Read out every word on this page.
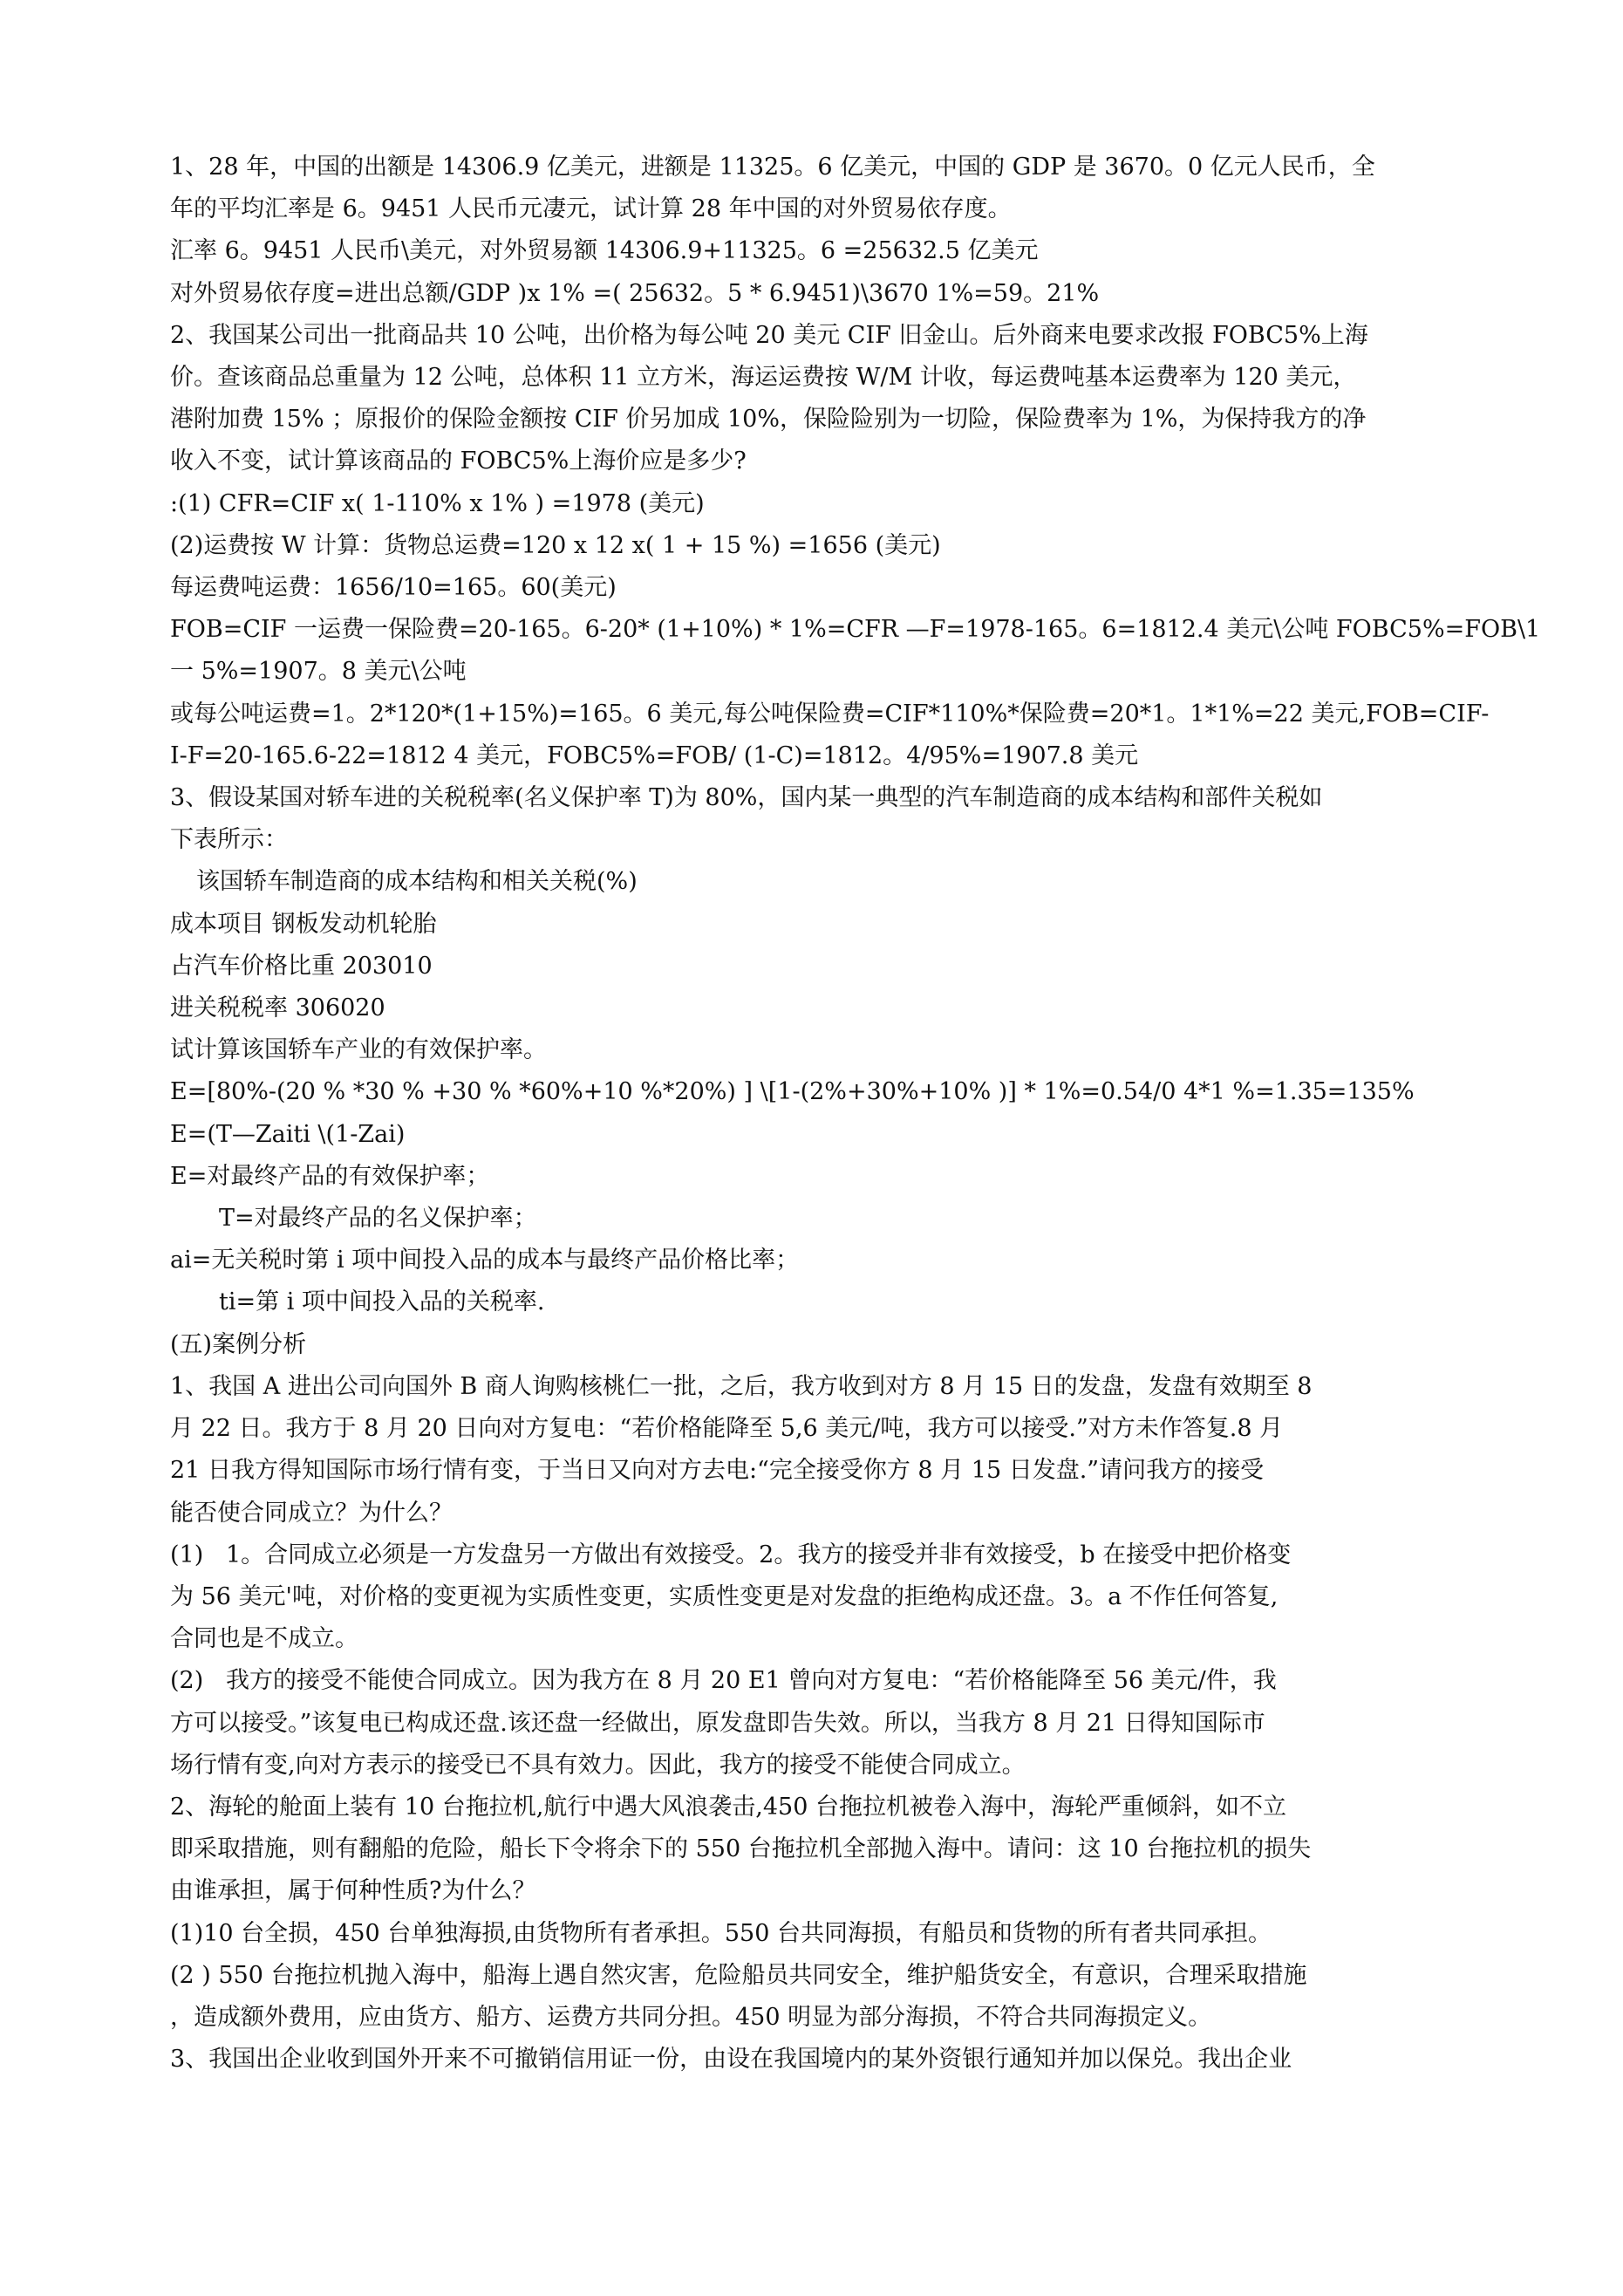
1、28 年，中国的出额是 14306.9 亿美元，进额是 11325。6 亿美元，中国的 GDP 是 3670。0 亿元人民币，全

年的平均汇率是 6。9451 人民币元凄元，试计算 28 年中国的对外贸易依存度。

汇率 6。9451 人民币\美元，对外贸易额 14306.9+11325。6 =25632.5 亿美元

对外贸易依存度=进出总额/GDP )x 1% =( 25632。5 * 6.9451)\3670 1%=59。21%

2、我国某公司出一批商品共 10 公吨，出价格为每公吨 20 美元 CIF 旧金山。后外商来电要求改报 FOBC5%上海

价。查该商品总重量为 12 公吨，总体积 11 立方米，海运运费按 W/M 计收，每运费吨基本运费率为 120 美元，

港附加费 15% ；原报价的保险金额按 CIF 价另加成 10%，保险险别为一切险，保险费率为 1%，为保持我方的净

收入不变，试计算该商品的 FOBC5%上海价应是多少?

:(1) CFR=CIF x( 1-110% x 1% ) =1978 (美元)

(2)运费按 W 计算：货物总运费=120 x 12 x( 1 + 15 %) =1656 (美元)

每运费吨运费：1656/10=165。60(美元)

FOB=CIF 一运费一保险费=20-165。6-20* (1+10%) * 1%=CFR —F=1978-165。6=1812.4 美元\公吨 FOBC5%=FOB\1

一 5%=1907。8 美元\公吨

或每公吨运费=1。2*120*(1+15%)=165。6 美元,每公吨保险费=CIF*110%*保险费=20*1。1*1%=22 美元,FOB=CIF-

I-F=20-165.6-22=1812 4 美元，FOBC5%=FOB/ (1-C)=1812。4/95%=1907.8 美元

3、假设某国对轿车进的关税税率(名义保护率 T)为 80%，国内某一典型的汽车制造商的成本结构和部件关税如

下表所示：

该国轿车制造商的成本结构和相关关税(%)

成本项目 钢板发动机轮胎

占汽车价格比重 203010

进关税税率 306020

试计算该国轿车产业的有效保护率。

E=[80%-(20 % *30 % +30 % *60%+10 %*20%) ] \[1-(2%+30%+10% )] * 1%=0.54/0 4*1 %=1.35=135%

E=(T—Zaiti \(1-Zai)

E=对最终产品的有效保护率；

T=对最终产品的名义保护率；

ai=无关税时第 i 项中间投入品的成本与最终产品价格比率；

ti=第 i 项中间投入品的关税率.

(五)案例分析

1、我国 A 进出公司向国外 B 商人询购核桃仁一批，之后，我方收到对方 8 月 15 日的发盘，发盘有效期至 8

月 22 日。我方于 8 月 20 日向对方复电：“若价格能降至 5,6 美元/吨，我方可以接受.”对方未作答复.8 月

21 日我方得知国际市场行情有变，于当日又向对方去电:“完全接受你方 8 月 15 日发盘.”请问我方的接受

能否使合同成立？为什么？

(1)   1。合同成立必须是一方发盘另一方做出有效接受。2。我方的接受并非有效接受，b 在接受中把价格变

为 56 美元'吨，对价格的变更视为实质性变更，实质性变更是对发盘的拒绝构成还盘。3。a 不作任何答复,

合同也是不成立。

(2)   我方的接受不能使合同成立。因为我方在 8 月 20 E1 曾向对方复电：“若价格能降至 56 美元/件，我

方可以接受。”该复电已构成还盘.该还盘一经做出，原发盘即告失效。所以，当我方 8 月 21 日得知国际市

场行情有变,向对方表示的接受已不具有效力。因此，我方的接受不能使合同成立。

2、海轮的舱面上装有 10 台拖拉机,航行中遇大风浪袭击,450 台拖拉机被卷入海中，海轮严重倾斜，如不立

即采取措施，则有翻船的危险，船长下令将余下的 550 台拖拉机全部抛入海中。请问：这 10 台拖拉机的损失

由谁承担，属于何种性质?为什么？

(1)10 台全损，450 台单独海损,由货物所有者承担。550 台共同海损，有船员和货物的所有者共同承担。

(2 ) 550 台拖拉机抛入海中，船海上遇自然灾害，危险船员共同安全，维护船货安全，有意识，合理采取措施

，造成额外费用，应由货方、船方、运费方共同分担。450 明显为部分海损，不符合共同海损定义。

3、我国出企业收到国外开来不可撤销信用证一份，由设在我国境内的某外资银行通知并加以保兑。我出企业
